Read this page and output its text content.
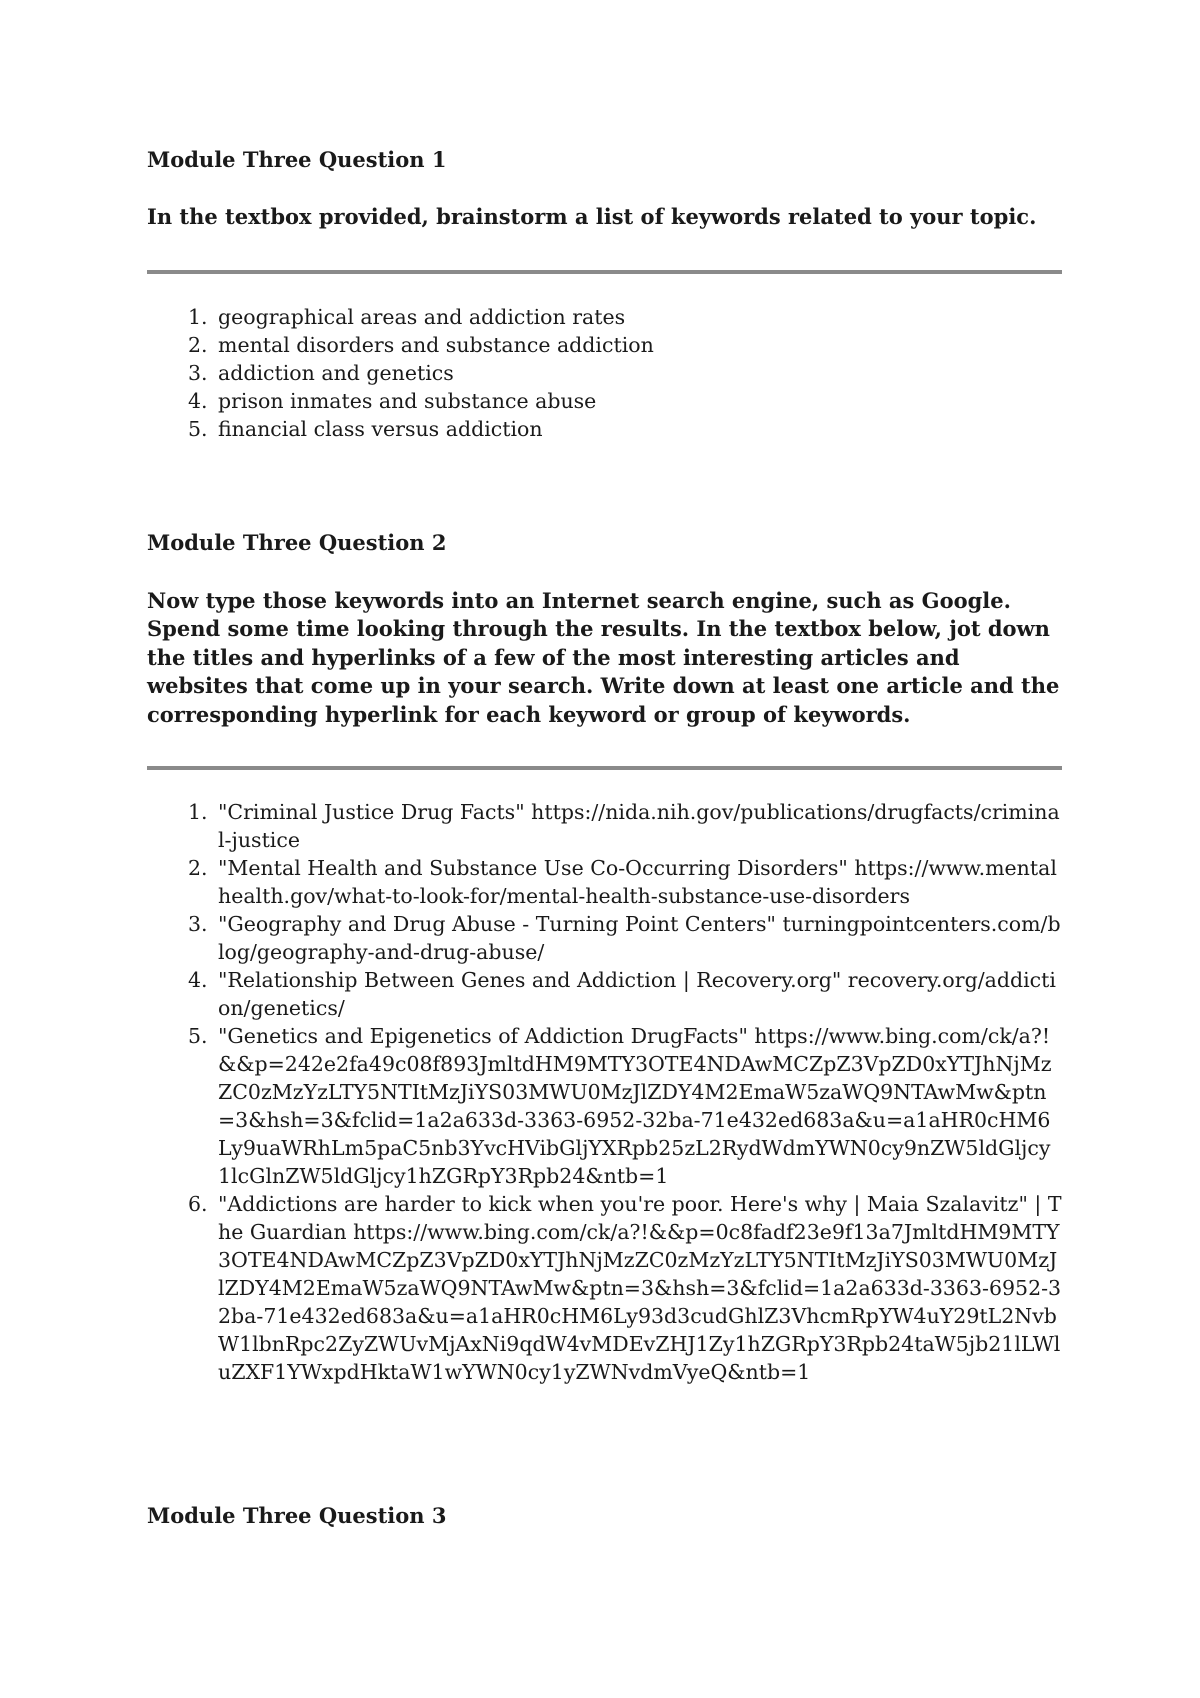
Module Three Question 1
In the textbox provided, brainstorm a list of keywords related to your topic.
1. geographical areas and addiction rates
2. mental disorders and substance addiction
3. addiction and genetics
4. prison inmates and substance abuse
5. financial class versus addiction
Module Three Question 2
Now type those keywords into an Internet search engine, such as Google. Spend some time looking through the results. In the textbox below, jot down the titles and hyperlinks of a few of the most interesting articles and websites that come up in your search. Write down at least one article and the corresponding hyperlink for each keyword or group of keywords.
1. "Criminal Justice Drug Facts" https://nida.nih.gov/publications/drugfacts/criminal-justice
2. "Mental Health and Substance Use Co-Occurring Disorders" https://www.mentalhealth.gov/what-to-look-for/mental-health-substance-use-disorders
3. "Geography and Drug Abuse - Turning Point Centers" turningpointcenters.com/blog/geography-and-drug-abuse/
4. "Relationship Between Genes and Addiction | Recovery.org" recovery.org/addiction/genetics/
5. "Genetics and Epigenetics of Addiction DrugFacts" https://www.bing.com/ck/a?!&&p=242e2fa49c08f893JmltdHM9MTY3OTE4NDAwMCZpZ3VpZD0xYTJhNjMzZC0zMzYzLTY5NTItMzJiYS03MWU0MzJlZDY4M2EmaW5zaWQ9NTAwMw&ptn=3&hsh=3&fclid=1a2a633d-3363-6952-32ba-71e432ed683a&u=a1aHR0cHM6Ly9uaWRhLm5paC5nb3YvcHVibGljYXRpb25zL2RydWdmYWN0cy9nZW5ldGljcy1lcGlnZW5ldGljcy1hZGRpY3Rpb24&ntb=1
6. "Addictions are harder to kick when you're poor. Here's why | Maia Szalavitz" | The Guardian https://www.bing.com/ck/a?!&&p=0c8fadf23e9f13a7JmltdHM9MTY3OTE4NDAwMCZpZ3VpZD0xYTJhNjMzZC0zMzYzLTY5NTItMzJiYS03MWU0MzJlZDY4M2EmaW5zaWQ9NTAwMw&ptn=3&hsh=3&fclid=1a2a633d-3363-6952-32ba-71e432ed683a&u=a1aHR0cHM6Ly93d3cudGhlZ3VhcmRpYW4uY29tL2NvbW1lbnRpc2ZyZWUvMjAxNi9qdW4vMDEvZHJ1Zy1hZGRpY3Rpb24taW5jb21lLWluZXF1YWxpdHktaW1wYWN0cy1yZWNvdmVyeQ&ntb=1
Module Three Question 3
